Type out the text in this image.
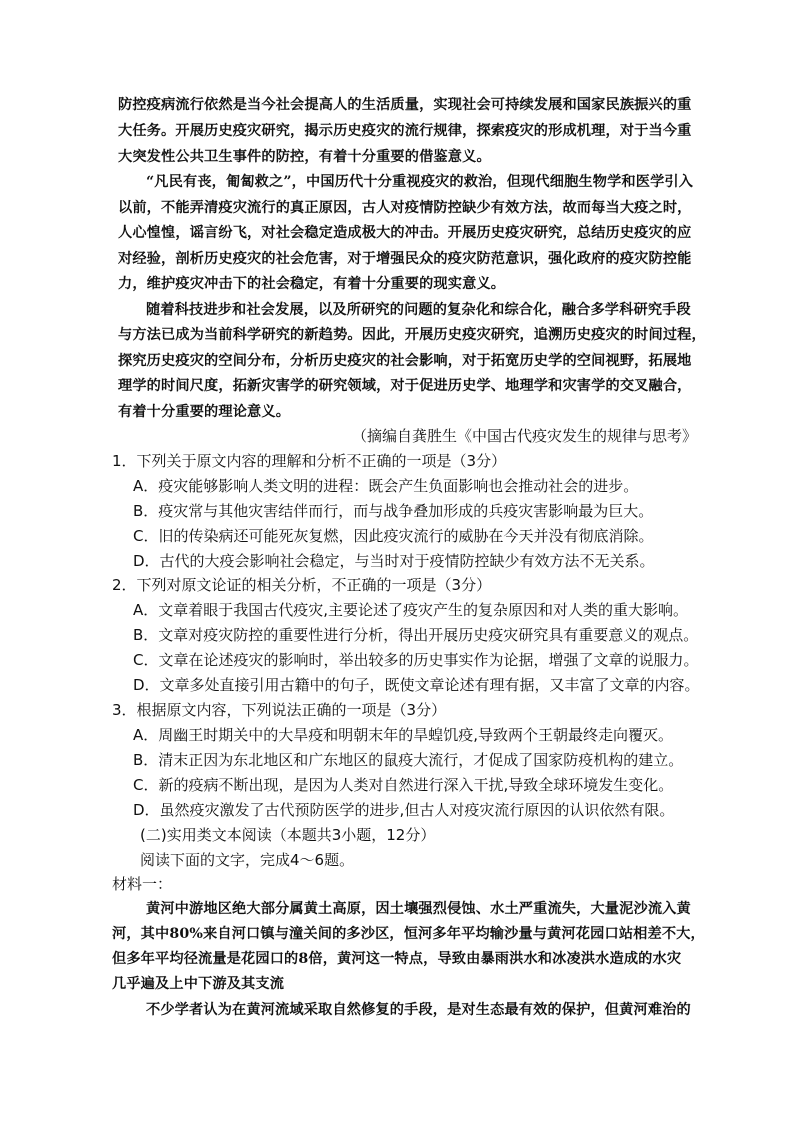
防控疫病流行依然是当今社会提高人的生活质量，实现社会可持续发展和国家民族振兴的重
大任务。开展历史疫灾研究，揭示历史疫灾的流行规律，探索疫灾的形成机理，对于当今重
大突发性公共卫生事件的防控，有着十分重要的借鉴意义。
“凡民有丧，匍匐救之”，中国历代十分重视疫灾的救治，但现代细胞生物学和医学引入
以前，不能弄清疫灾流行的真正原因，古人对疫情防控缺少有效方法，故而每当大疫之时，
人心惶惶，谣言纷飞，对社会稳定造成极大的冲击。开展历史疫灾研究，总结历史疫灾的应
对经验，剖析历史疫灾的社会危害，对于增强民众的疫灾防范意识，强化政府的疫灾防控能
力，维护疫灾冲击下的社会稳定，有着十分重要的现实意义。
随着科技进步和社会发展，以及所研究的问题的复杂化和综合化，融合多学科研究手段
与方法已成为当前科学研究的新趋势。因此，开展历史疫灾研究，追溯历史疫灾的时间过程，
探究历史疫灾的空间分布，分析历史疫灾的社会影响，对于拓宽历史学的空间视野，拓展地
理学的时间尺度，拓新灾害学的研究领域，对于促进历史学、地理学和灾害学的交叉融合，
有着十分重要的理论意义。
（摘编自龚胜生《中国古代疫灾发生的规律与思考》
1．下列关于原文内容的理解和分析不正确的一项是（3分）
A．疫灾能够影响人类文明的进程：既会产生负面影响也会推动社会的进步。
B．疫灾常与其他灾害结伴而行，而与战争叠加形成的兵疫灾害影响最为巨大。
C．旧的传染病还可能死灰复燃，因此疫灾流行的威胁在今天并没有彻底消除。
D．古代的大疫会影响社会稳定，与当时对于疫情防控缺少有效方法不无关系。
2．下列对原文论证的相关分析，不正确的一项是（3分）
A．文章着眼于我国古代疫灾,主要论述了疫灾产生的复杂原因和对人类的重大影响。
B．文章对疫灾防控的重要性进行分析，得出开展历史疫灾研究具有重要意义的观点。
C．文章在论述疫灾的影响时，举出较多的历史事实作为论据，增强了文章的说服力。
D．文章多处直接引用古籍中的句子，既使文章论述有理有据，又丰富了文章的内容。
3．根据原文内容，下列说法正确的一项是（3分）
A．周幽王时期关中的大旱疫和明朝末年的旱蝗饥疫,导致两个王朝最终走向覆灭。
B．清末正因为东北地区和广东地区的鼠疫大流行，才促成了国家防疫机构的建立。
C．新的疫病不断出现，是因为人类对自然进行深入干扰,导致全球环境发生变化。
D．虽然疫灾激发了古代预防医学的进步,但古人对疫灾流行原因的认识依然有限。
(二)实用类文本阅读（本题共3小题，12分）
阅读下面的文字，完成4～6题。
材料一：
黄河中游地区绝大部分属黄土高原，因土壤强烈侵蚀、水土严重流失，大量泥沙流入黄
河，其中80%来自河口镇与潼关间的多沙区，恒河多年平均输沙量与黄河花园口站相差不大，
但多年平均径流量是花园口的8倍，黄河这一特点，导致由暴雨洪水和冰凌洪水造成的水灾
几乎遍及上中下游及其支流
不少学者认为在黄河流域采取自然修复的手段，是对生态最有效的保护，但黄河难治的
